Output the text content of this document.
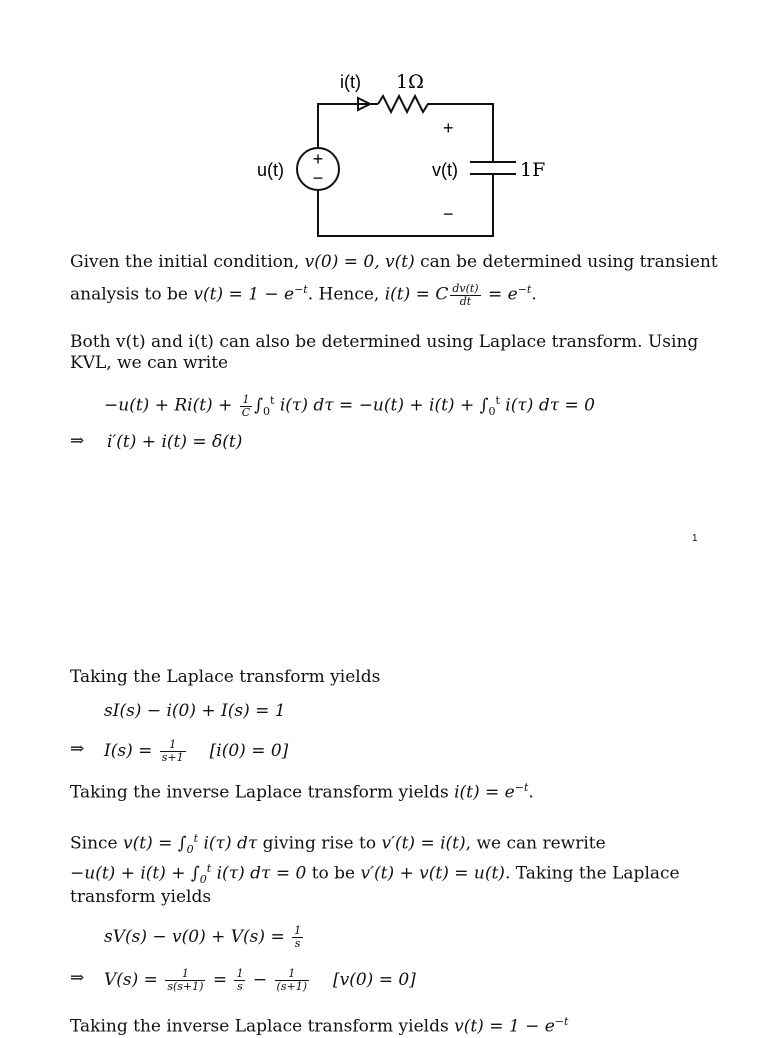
+
−
i(t) 1Ω
u(t)
+
v(t)
−
1F
Given the initial condition, v(0) = 0, v(t) can be determined using transient
analysis to be $v(t) = 1 - e^{-t}$. Hence, i(t) = C $\frac{dv(t)}{dt} = e^{-t}$.
Both v(t) and i(t) can also be determined using Laplace transform. Using
KVL, we can write
$-u(t) + Ri(t) + \frac{1}{C} \int_0^t$ i(τ) $d\tau = -u(t) + i(t) + \int_0^t$ i(τ) dτ = 0
⇒ i′(t) + i(t) = δ(t)
1
Taking the Laplace transform yields
sI(s) − i(0) + I(s) = 1
⇒ $I(s) = \frac{1}{s+1} [i(0) = 0]$
Taking the inverse Laplace transform yields $i(t) = e^{-t}$.
Since $v(t) = \int_0^t$ i(τ) dτ giving rise to v′(t) = i(t), we can rewrite
$-u(t) + i(t) + \int_0^t$ i(τ) dτ = 0 to be v′(t) + v(t) = u(t). Taking the Laplace
transform yields
$sV(s) - v(0) + V(s) = \frac{1}{s}$
⇒ $V(s) = \frac{1}{s(s+1)} = \frac{1}{s} - \frac{1}{(s+1)} [v(0) = 0]$
Taking the inverse Laplace transform yields $v(t) = 1 - e^{-t}$
